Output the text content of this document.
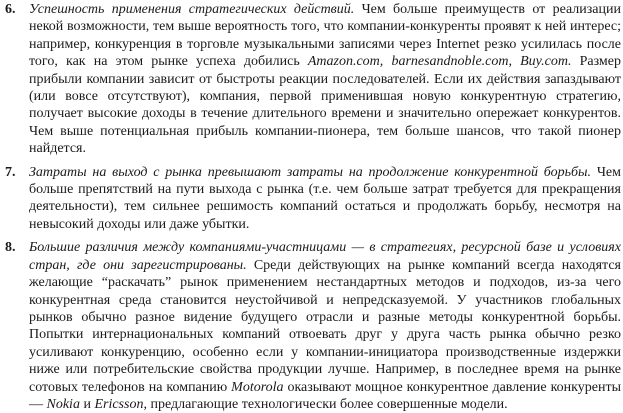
6. Успешность применения стратегических действий. Чем больше преимуществ от реализации некой возможности, тем выше вероятность того, что компании-конкуренты проявят к ней интерес; например, конкуренция в торговле музыкальными записями через Internet резко усилилась после того, как на этом рынке успеха добились Amazon.com, barnesandnoble.com, Buy.com. Размер прибыли компании зависит от быстроты реакции последователей. Если их действия запаздывают (или вовсе отсутствуют), компания, первой применившая новую конкурентную стратегию, получает высокие доходы в течение длительного времени и значительно опережает конкурентов. Чем выше потенциальная прибыль компании-пионера, тем больше шансов, что такой пионер найдется.
7. Затраты на выход с рынка превышают затраты на продолжение конкурентной борьбы. Чем больше препятствий на пути выхода с рынка (т.е. чем больше затрат требуется для прекращения деятельности), тем сильнее решимость компаний остаться и продолжать борьбу, несмотря на невысокий доходы или даже убытки.
8. Большие различия между компаниями-участницами — в стратегиях, ресурсной базе и условиях стран, где они зарегистрированы. Среди действующих на рынке компаний всегда находятся желающие “раскачать” рынок применением нестандартных методов и подходов, из-за чего конкурентная среда становится неустойчивой и непредсказуемой. У участников глобальных рынков обычно разное видение будущего отрасли и разные методы конкурентной борьбы. Попытки интернациональных компаний отвоевать друг у друга часть рынка обычно резко усиливают конкуренцию, особенно если у компании-инициатора производственные издержки ниже или потребительские свойства продукции лучше. Например, в последнее время на рынке сотовых телефонов на компанию Motorola оказывают мощное конкурентное давление конкуренты — Nokia и Ericsson, предлагающие технологически более совершенные модели.
